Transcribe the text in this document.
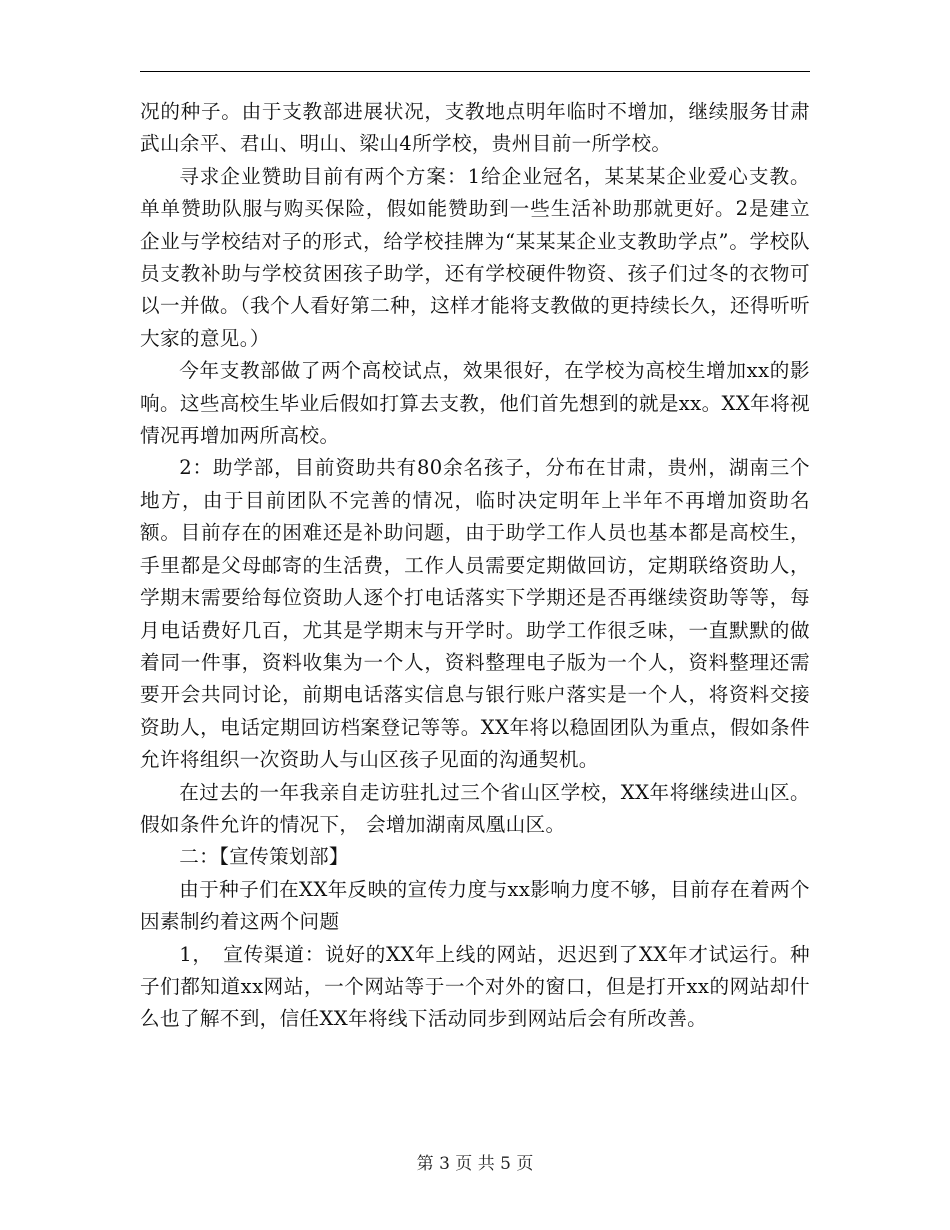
况的种子。由于支教部进展状况，支教地点明年临时不增加，继续服务甘肃武山余平、君山、明山、梁山4所学校，贵州目前一所学校。

寻求企业赞助目前有两个方案：1给企业冠名，某某某企业爱心支教。单单赞助队服与购买保险，假如能赞助到一些生活补助那就更好。2是建立企业与学校结对子的形式，给学校挂牌为“某某某企业支教助学点”。学校队员支教补助与学校贫困孩子助学，还有学校硬件物资、孩子们过冬的衣物可以一并做。（我个人看好第二种，这样才能将支教做的更持续长久，还得听听大家的意见。）

今年支教部做了两个高校试点，效果很好，在学校为高校生增加xx的影响。这些高校生毕业后假如打算去支教，他们首先想到的就是xx。XX年将视情况再增加两所高校。

2：助学部，目前资助共有80余名孩子，分布在甘肃，贵州，湖南三个地方，由于目前团队不完善的情况，临时决定明年上半年不再增加资助名额。目前存在的困难还是补助问题，由于助学工作人员也基本都是高校生，手里都是父母邮寄的生活费，工作人员需要定期做回访，定期联络资助人，学期末需要给每位资助人逐个打电话落实下学期还是否再继续资助等等，每月电话费好几百，尤其是学期末与开学时。助学工作很乏味，一直默默的做着同一件事，资料收集为一个人，资料整理电子版为一个人，资料整理还需要开会共同讨论，前期电话落实信息与银行账户落实是一个人，将资料交接资助人，电话定期回访档案登记等等。XX年将以稳固团队为重点，假如条件允许将组织一次资助人与山区孩子见面的沟通契机。

在过去的一年我亲自走访驻扎过三个省山区学校，XX年将继续进山区。假如条件允许的情况下， 会增加湖南凤凰山区。

二：【宣传策划部】

由于种子们在XX年反映的宣传力度与xx影响力度不够，目前存在着两个因素制约着这两个问题

1，　宣传渠道：说好的XX年上线的网站，迟迟到了XX年才试运行。种子们都知道xx网站，一个网站等于一个对外的窗口，但是打开xx的网站却什么也了解不到，信任XX年将线下活动同步到网站后会有所改善。

第 3 页 共 5 页
